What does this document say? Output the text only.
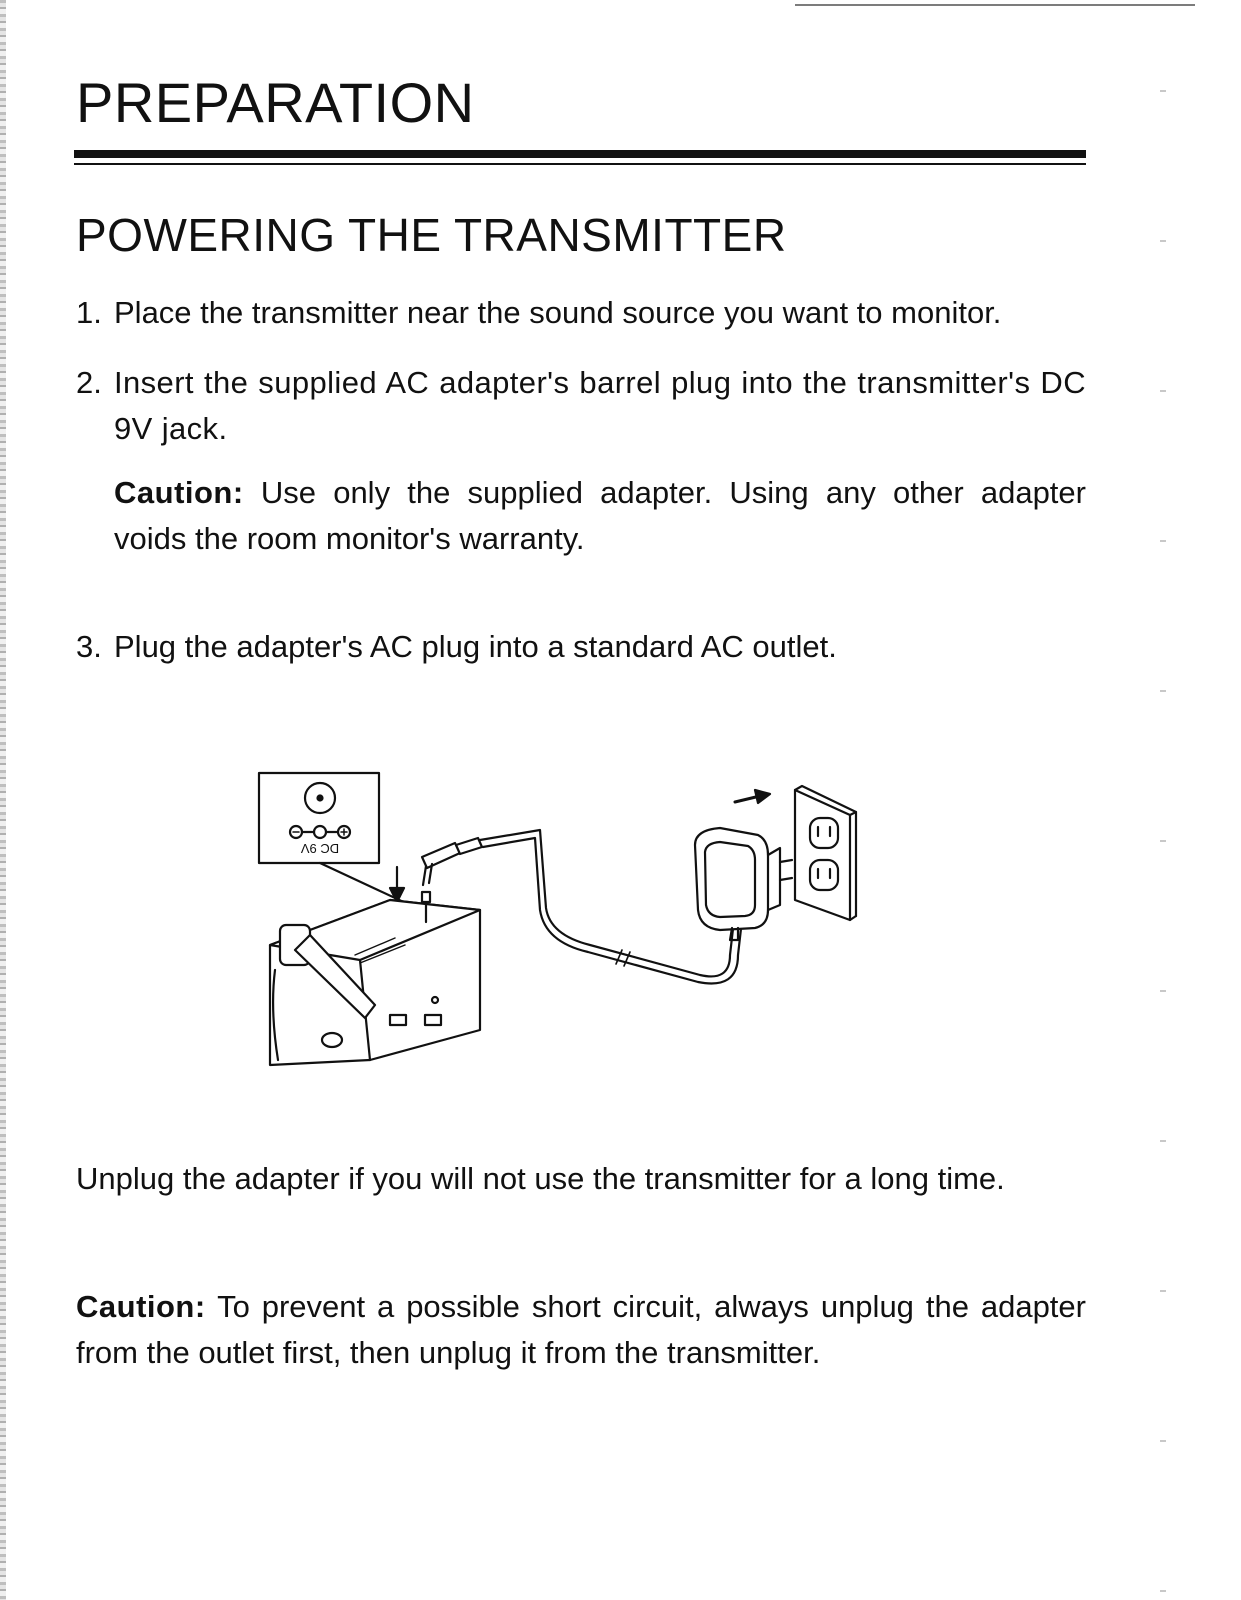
PREPARATION
POWERING THE TRANSMITTER
1. Place the transmitter near the sound source you want to monitor.
2. Insert the supplied AC adapter's barrel plug into the transmitter's DC 9V jack.
Caution: Use only the supplied adapter. Using any other adapter voids the room monitor's warranty.
3. Plug the adapter's AC plug into a standard AC outlet.
DC 9V

Unplug the adapter if you will not use the transmitter for a long time.

Caution: To prevent a possible short circuit, always unplug the adapter from the outlet first, then unplug it from the transmitter.
